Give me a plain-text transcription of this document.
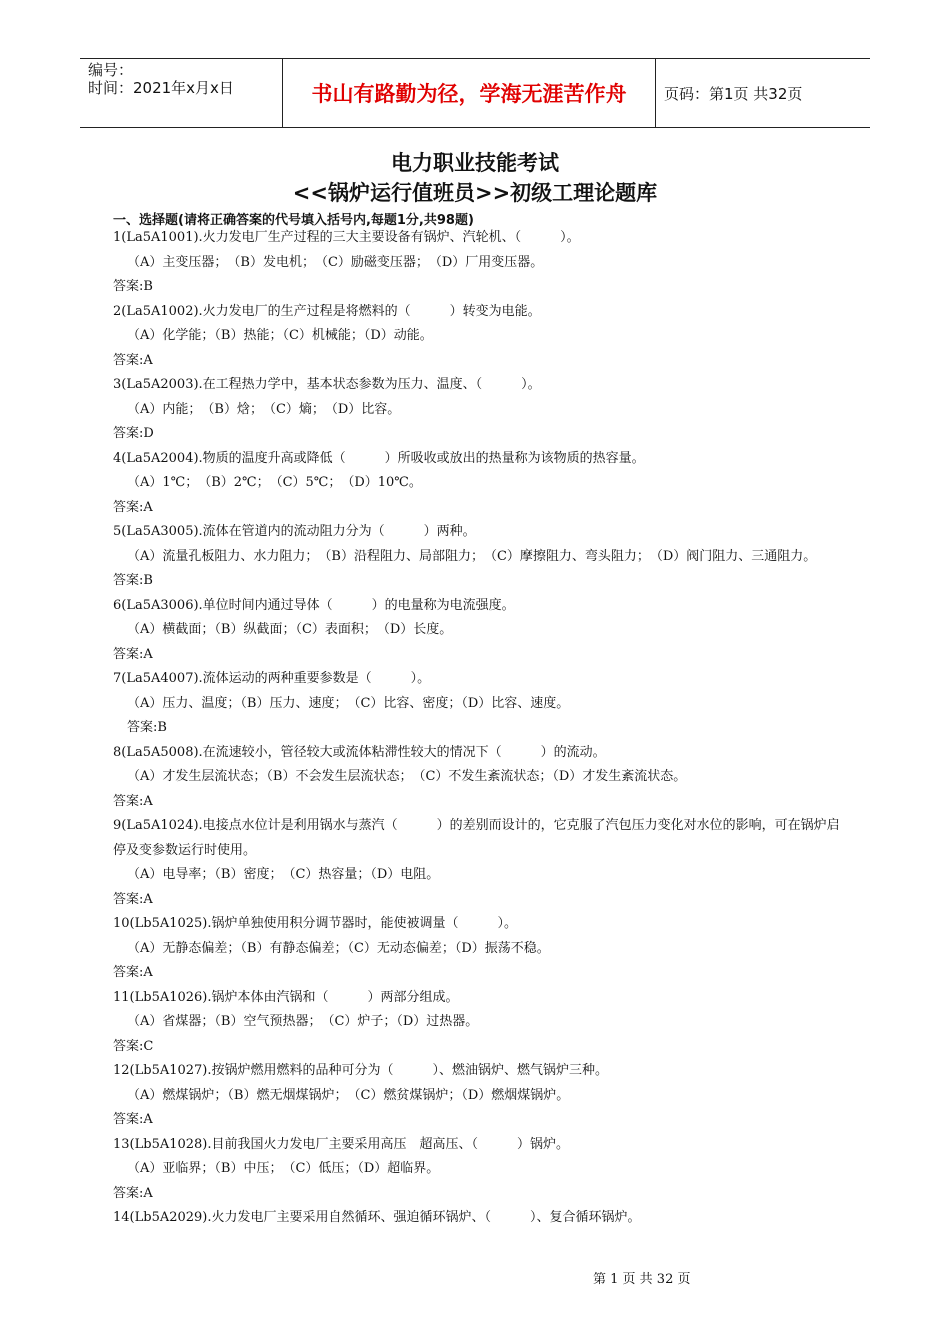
编号：
时间：2021年x月x日	书山有路勤为径，学海无涯苦作舟	页码：第1页 共32页
电力职业技能考试
<<锅炉运行值班员>>初级工理论题库
一、选择题(请将正确答案的代号填入括号内,每题1分,共98题)

1(La5A1001).火力发电厂生产过程的三大主要设备有锅炉、汽轮机、（　　　）。

（A）主变压器；　（B）发电机；　（C）励磁变压器；　（D）厂用变压器。

答案:B

2(La5A1002).火力发电厂的生产过程是将燃料的（　　　）转变为电能。

（A）化学能；（B）热能；（C）机械能；（D）动能。

答案:A

3(La5A2003).在工程热力学中，基本状态参数为压力、温度、（　　　）。

（A）内能；　（B）焓；　（C）熵；　（D）比容。

答案:D

4(La5A2004).物质的温度升高或降低（　　　）所吸收或放出的热量称为该物质的热容量。

（A）1℃；　（B）2℃；　（C）5℃；　（D）10℃。

答案:A

5(La5A3005).流体在管道内的流动阻力分为（　　　）两种。

（A）流量孔板阻力、水力阻力；　（B）沿程阻力、局部阻力；　（C）摩擦阻力、弯头阻力；　（D）阀门阻力、三通阻力。

答案:B

6(La5A3006).单位时间内通过导体（　　　）的电量称为电流强度。

（A）横截面；（B）纵截面；（C）表面积；　（D）长度。

答案:A

7(La5A4007).流体运动的两种重要参数是（　　　）。

（A）压力、温度；（B）压力、速度；　（C）比容、密度；（D）比容、速度。

答案:B

8(La5A5008).在流速较小，管径较大或流体粘滞性较大的情况下（　　　）的流动。

（A）才发生层流状态；（B）不会发生层流状态；　（C）不发生紊流状态；（D）才发生紊流状态。

答案:A

9(La5A1024).电接点水位计是利用锅水与蒸汽（　　　）的差别而设计的，它克服了汽包压力变化对水位的影响，可在锅炉启停及变参数运行时使用。

（A）电导率；（B）密度；　（C）热容量；（D）电阻。

答案:A

10(Lb5A1025).锅炉单独使用积分调节器时，能使被调量（　　　）。

（A）无静态偏差；（B）有静态偏差；（C）无动态偏差；（D）振荡不稳。

答案:A

11(Lb5A1026).锅炉本体由汽锅和（　　　）两部分组成。

（A）省煤器；（B）空气预热器；　（C）炉子；（D）过热器。

答案:C

12(Lb5A1027).按锅炉燃用燃料的品种可分为（　　　）、燃油锅炉、燃气锅炉三种。

（A）燃煤锅炉；（B）燃无烟煤锅炉；　（C）燃贫煤锅炉；（D）燃烟煤锅炉。

答案:A

13(Lb5A1028).目前我国火力发电厂主要采用高压　超高压、（　　　）锅炉。

（A）亚临界；（B）中压；　（C）低压；（D）超临界。

答案:A

14(Lb5A2029).火力发电厂主要采用自然循环、强迫循环锅炉、（　　　）、复合循环锅炉。

第 1 页 共 32 页
